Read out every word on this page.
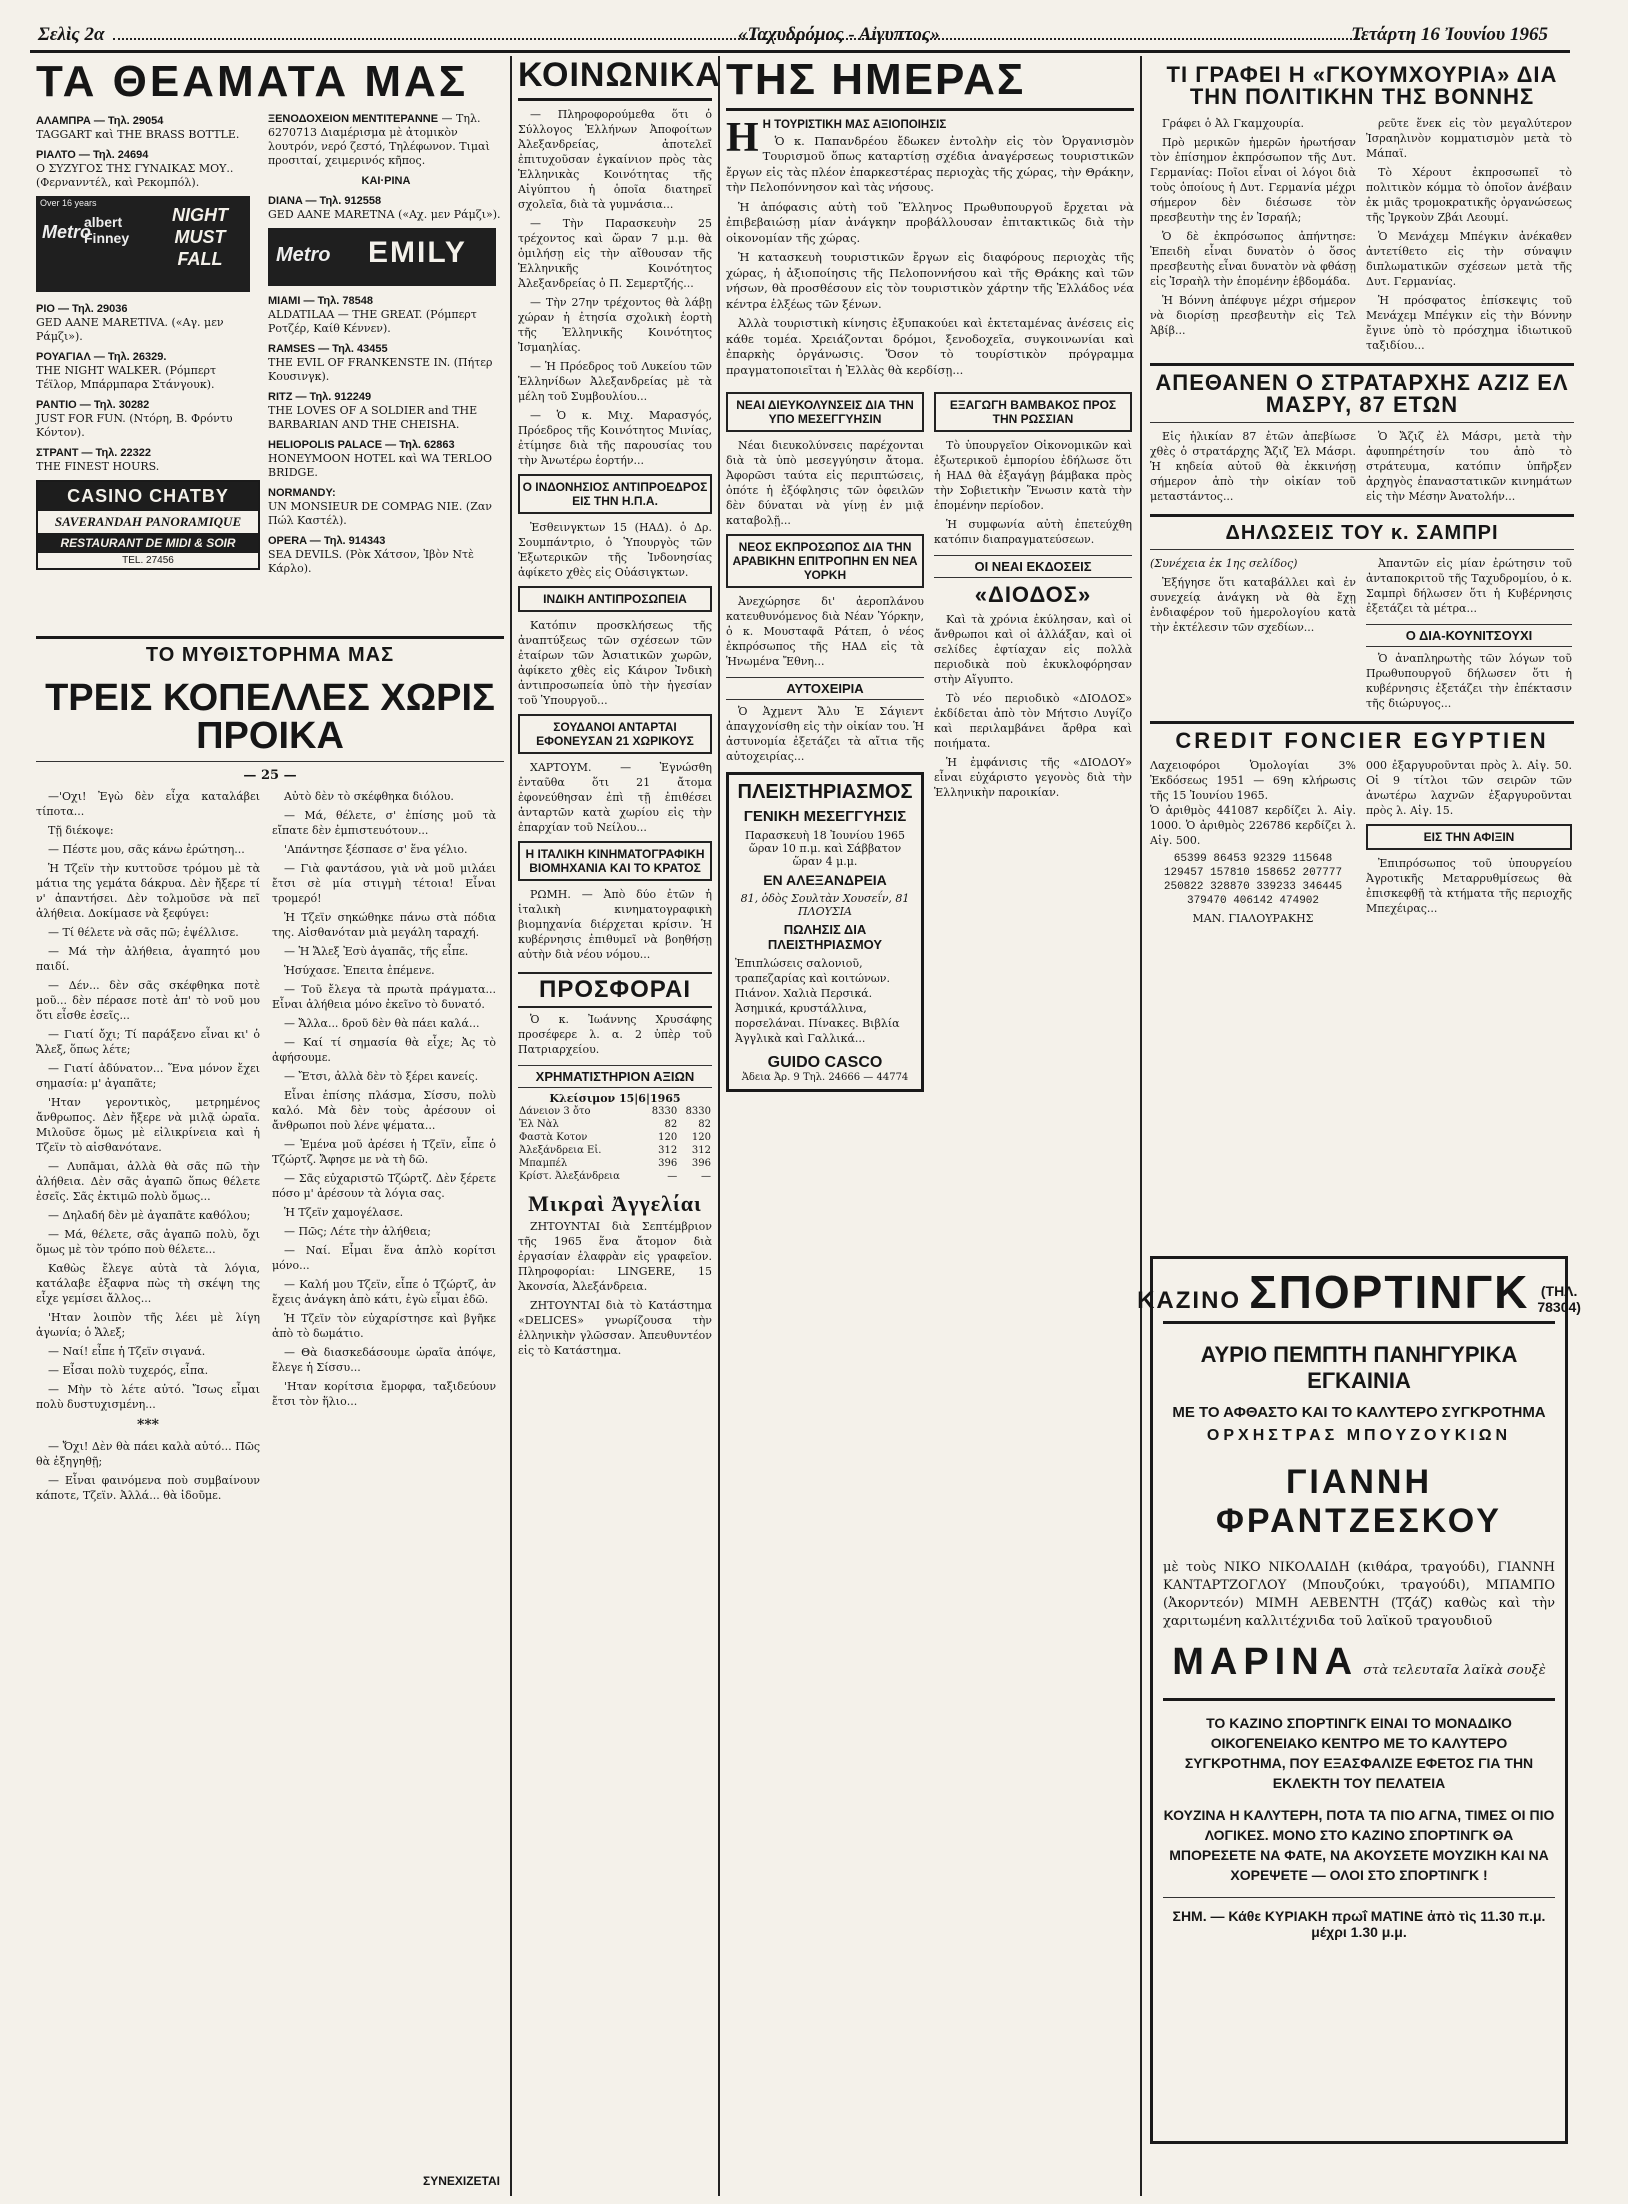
Σελὶς 2α	«Ταχυδρόμος - Αἰγυπτος»	Τετάρτη 16 Ἰουνίου 1965
ΤΑ ΘΕΑΜΑΤΑ ΜΑΣ
ΑΛΑΜΠΡΑ — Τηλ. 29054
TAGGART καὶ THE BRASS BOTTLE.
ΡΙΑΛΤΟ — Τηλ. 24694
Ο ΣΥΖΥΓΟΣ ΤΗΣ ΓΥΝΑΙΚΑΣ ΜΟΥ.. (Φερνανντέλ, καὶ Ρεκομπόλ).
Over 16 years
Metro
albert Finney
NIGHT MUST FALL
ΡΙΟ — Τηλ. 29036
GED AANE MARETIVA. («Αγ. μεν Ράμζι»).
ΡΟΥΑΓΙΑΛ — Τηλ. 26329.
THE NIGHT WALKER. (Ρόμπερτ Τέϊλορ, Μπάρμπαρα Στάνγουκ).
ΡΑΝΤΙΟ — Τηλ. 30282
JUST FOR FUN. (Ντόρη, Β. Φρόντυ Κόντον).
ΣΤΡΑΝΤ — Τηλ. 22322
THE FINEST HOURS.
CASINO CHATBY
SAVERANDAH PANORAMIQUE
RESTAURANT DE MIDI & SOIR
TEL. 27456
ΞΕΝΟΔΟΧΕΙΟΝ ΜΕΝΤΙΤΕΡΑΝΝΕ — Τηλ. 6270713 Διαμέρισμα μὲ ἀτομικὸν λουτρόν, νερό ζεστό, Τηλέφωνον. Τιμαὶ προσιταί, χειμερινός κῆπος.
ΚΑΙ·ΡΙΝΑ
DIANA — Τηλ. 912558
GED AANE MARETNA («Αχ. μεν Ράμζι»).
Metro EMILY
ΜΙΑΜΙ — Τηλ. 78548
ALDATILAA — THE GREAT. (Ρόμπερτ Ροτζέρ, Καίθ Κέννεν).
RAMSES — Τηλ. 43455
THE EVIL OF FRANKENSTE IN. (Πήτερ Κουσινγκ).
RITZ — Τηλ. 912249
THE LOVES OF A SOLDIER and THE BARBARIAN AND THE CHEISHA.
HELIOPOLIS PALACE — Τηλ. 62863
HONEYMOON HOTEL καὶ WA TERLOO BRIDGE.
NORMANDY:
UN MONSIEUR DE COMPAG NIE. (Ζαν Πώλ Καστέλ).
OPERA — Τηλ. 914343
SEA DEVILS. (Ρὸκ Χάτσον, Ἰβὸν Ντὲ Κάρλο).
ΤΟ ΜΥΘΙΣΤΟΡΗΜΑ ΜΑΣ
ΤΡΕΙΣ ΚΟΠΕΛΛΕΣ ΧΩΡΙΣ ΠΡΟΙΚΑ
— 25 —

—'Οχι! Ἐγὼ δὲν εἶχα καταλάβει τίποτα...

Τῇ διέκοψε:

— Πέστε μου, σᾶς κάνω ἐρώτηση...

Ἡ Τζεϊν τὴν κυττοῦσε τρόμου μὲ τὰ μάτια της γεμάτα δάκρυα. Δὲν ἤξερε τί ν' ἀπαντήσει. Δὲν τολμοῦσε νὰ πεῖ ἀλήθεια. Δοκίμασε νὰ ξεφύγει:

— Τί θέλετε νὰ σᾶς πῶ; ἐψέλλισε.

— Μά τὴν ἀλήθεια, ἀγαπητό μου παιδί.

— Δέν... δὲν σᾶς σκέφθηκα ποτὲ μοῦ... δὲν πέρασε ποτὲ ἀπ' τὸ νοῦ μου ὅτι εἶσθε ἐσεῖς...

— Γιατί ὄχι; Τί παράξενο εἶναι κι' ὁ Ἄλεξ, ὅπως λέτε;

— Γιατί ἀδύνατον... Ἕνα μόνον ἔχει σημασία: μ' ἀγαπᾶτε;

'Ηταν γεροντικὸς, μετρημένος ἄνθρωπος. Δὲν ἤξερε νὰ μιλᾷ ὡραῖα. Μιλοῦσε ὅμως μὲ εἰλικρίνεια καὶ ἡ Τζεϊν τὸ αἰσθανότανε.

— Λυπᾶμαι, ἀλλὰ θὰ σᾶς πῶ τὴν ἀλήθεια. Δὲν σᾶς ἀγαπῶ ὅπως θέλετε ἐσεῖς. Σᾶς ἐκτιμῶ πολὺ ὅμως...

— Δηλαδή δὲν μὲ ἀγαπᾶτε καθόλου;

— Μά, θέλετε, σᾶς ἀγαπῶ πολὺ, ὄχι ὅμως μὲ τὸν τρόπο ποὺ θέλετε...

Καθὼς ἔλεγε αὐτὰ τὰ λόγια, κατάλαβε ἐξαφνα πὼς τὴ σκέψη της εἶχε γεμίσει ἄλλος...

'Ηταν λοιπὸν τῆς λέει μὲ λίγη ἀγωνία; ὁ Ἄλεξ;

— Ναί! εἶπε ἡ Τζεϊν σιγανά.

— Εἶσαι πολὺ τυχερός, εἶπα.

— Μὴν τὸ λέτε αὐτό. Ἴσως εἶμαι πολὺ δυστυχισμένη...

***

— Ὄχι! Δὲν θὰ πάει καλὰ αὐτό... Πῶς θὰ ἐξηγηθῇ;

— Εἶναι φαινόμενα ποὺ συμβαίνουν κάποτε, Τζεϊν. Ἀλλά... θὰ ἰδοῦμε.

Αὐτὸ δὲν τὸ σκέφθηκα διόλου.

— Μά, θέλετε, σ' ἐπίσης μοῦ τὰ εἴπατε δὲν ἐμπιστευότουν...

'Απάντησε ξέσπασε σ' ἕνα γέλιο.

— Γιὰ φαντάσου, γιὰ νὰ μοῦ μιλάει ἔτσι σὲ μία στιγμὴ τέτοια! Εἶναι τρομερό!

Ἡ Τζεϊν σηκώθηκε πάνω στὰ πόδια της. Αἰσθανόταν μιὰ μεγάλη ταραχή.

— Ἡ Ἄλεξ Ἐσὺ ἀγαπᾶς, τῆς εἶπε.

Ἡσύχασε. Ἐπειτα ἐπέμενε.

— Τοῦ ἔλεγα τὰ πρωτὰ πράγματα... Εἶναι ἀλήθεια μόνο ἐκεῖνο τὸ δυνατό.

— Ἄλλα... δροῦ δὲν θὰ πάει καλά...

— Καί τί σημασία θὰ εἶχε; Ἀς τὸ ἀφήσουμε.

— Ἔτσι, ἀλλὰ δὲν τὸ ξέρει κανείς.

Εἶναι ἐπίσης πλάσμα, Σίσσυ, πολὺ καλό. Μὰ δὲν τοὺς ἀρέσουν οἱ ἄνθρωποι ποὺ λένε ψέματα...

— Ἐμένα μοῦ ἀρέσει ἡ Τζεϊν, εἶπε ὁ Τζώρτζ. Ἄφησε με νὰ τὴ δῶ.

— Σᾶς εὐχαριστῶ Τζώρτζ. Δὲν ξέρετε πόσο μ' ἀρέσουν τὰ λόγια σας.

Ἡ Τζεϊν χαμογέλασε.

— Πῶς; Λέτε τὴν ἀλήθεια;

— Ναί. Εἶμαι ἕνα ἁπλὸ κορίτσι μόνο...

— Καλή μου Τζεϊν, εἶπε ὁ Τζώρτζ, ἀν ἔχεις ἀνάγκη ἀπὸ κάτι, ἐγὼ εἶμαι ἐδῶ.

Ἡ Τζεϊν τὸν εὐχαρίστησε καὶ βγῆκε ἀπὸ τὸ δωμάτιο.

— Θὰ διασκεδάσουμε ὡραῖα ἀπόψε, ἔλεγε ἡ Σίσσυ...

'Ηταν κορίτσια ἔμορφα, ταξιδεύουν ἔτσι τὸν ἥλιο...

ΣΥΝΕΧΙΖΕΤΑΙ
ΚΟΙΝΩΝΙΚΑ

— Πληροφορούμεθα ὅτι ὁ Σύλλογος Ἑλλήνων Ἀποφοίτων Ἀλεξανδρείας, ἀποτελεῖ ἐπιτυχοῦσαν ἐγκαίνιον πρὸς τὰς Ἑλληνικὰς Κοινότητας τῆς Αἰγύπτου ἡ ὁποῖα διατηρεῖ σχολεῖα, διὰ τὰ γυμνάσια...

— Τὴν Παρασκευὴν 25 τρέχοντος καὶ ὥραν 7 μ.μ. θὰ ὁμιλήσῃ εἰς τὴν αἴθουσαν τῆς Ἑλληνικῆς Κοινότητος Ἀλεξανδρείας ὁ Π. Σεμερτζής...

— Τὴν 27ην τρέχοντος θὰ λάβῃ χώραν ἡ ἐτησία σχολικὴ ἑορτὴ τῆς Ἑλληνικῆς Κοινότητος Ἰσμαηλίας.

— Ἡ Πρόεδρος τοῦ Λυκείου τῶν Ἑλληνίδων Ἀλεξανδρείας μὲ τὰ μέλη τοῦ Συμβουλίου...

— Ὁ κ. Μιχ. Μαρασγός, Πρόεδρος τῆς Κοινότητος Μινίας, ἐτίμησε διὰ τῆς παρουσίας του τὴν Ἀνωτέρω ἑορτήν...

Ο ΙΝΔΟΝΗΣΙΟΣ ΑΝΤΙΠΡΟΕΔΡΟΣ ΕΙΣ ΤΗΝ Η.Π.Α.

Ἐσθεινγκτων 15 (ΗΑΔ). ὁ Δρ. Σουμπάντριο, ὁ Ὑπουργὸς τῶν Ἐξωτερικῶν τῆς Ἰνδονησίας ἀφίκετο χθὲς εἰς Οὐάσιγκτων.

ΙΝΔΙΚΗ ΑΝΤΙΠΡΟΣΩΠΕΙΑ

Κατόπιν προσκλήσεως τῆς ἀναπτύξεως τῶν σχέσεων τῶν ἐταίρων τῶν Ἀσιατικῶν χωρῶν, ἀφίκετο χθὲς εἰς Κάιρον Ἰνδικὴ ἀντιπροσωπεία ὑπὸ τὴν ἡγεσίαν τοῦ Ὑπουργοῦ...

ΣΟΥΔΑΝΟΙ ΑΝΤΑΡΤΑΙ ΕΦΟΝΕΥΣΑΝ 21 ΧΩΡΙΚΟΥΣ

ΧΑΡΤΟΥΜ. — Ἐγνώσθη ἐνταῦθα ὅτι 21 ἄτομα ἐφονεύθησαν ἐπὶ τῇ ἐπιθέσει ἀνταρτῶν κατὰ χωρίου εἰς τὴν ἐπαρχίαν τοῦ Νείλου...

Η ΙΤΑΛΙΚΗ ΚΙΝΗΜΑΤΟΓΡΑΦΙΚΗ ΒΙΟΜΗΧΑΝΙΑ ΚΑΙ ΤΟ ΚΡΑΤΟΣ

ΡΩΜΗ. — Ἀπὸ δύο ἐτῶν ἡ ἰταλικὴ κινηματογραφικὴ βιομηχανία διέρχεται κρίσιν. Ἡ κυβέρνησις ἐπιθυμεῖ νὰ βοηθήσῃ αὐτὴν διὰ νέου νόμου...

ΠΡΟΣΦΟΡΑΙ

Ὁ κ. Ἰωάννης Χρυσάφης προσέφερε λ. α. 2 ὑπὲρ τοῦ Πατριαρχείου.

ΧΡΗΜΑΤΙΣΤΗΡΙΟΝ ΑΞΙΩΝ
Κλείσιμον 15|6|1965
Δάνειον 3 ὄτο	8330	8330
Ἐλ Νὰλ	82	82
Φαστὰ Κοτον	120	120
Ἀλεξάνδρεια Εἰ.	312	312
Μπαμπέλ	396	396
Κρίστ. Ἀλεξάνδρεια	—	—
Μικραὶ Ἀγγελίαι

ΖΗΤΟΥΝΤΑΙ διὰ Σεπτέμβριον τῆς 1965 ἕνα ἄτομον διὰ ἐργασίαν ἐλαφρὰν εἰς γραφεῖον. Πληροφορίαι: LINGERE, 15 Ἀκονσία, Ἀλεξάνδρεια.

ΖΗΤΟΥΝΤΑΙ διὰ τὸ Κατάστημα «DELICES» γνωρίζουσα τὴν ἑλληνικὴν γλῶσσαν. Ἀπευθυντέον εἰς τὸ Κατάστημα.

ΤΗΣ ΗΜΕΡΑΣ
Η Η ΤΟΥΡΙΣΤΙΚΗ ΜΑΣ ΑΞΙΟΠΟΙΗΣΙΣ

Ὁ κ. Παπανδρέου ἔδωκεν ἐντολὴν εἰς τὸν Ὀργανισμὸν Τουρισμοῦ ὅπως καταρτίσῃ σχέδια ἀναγέρσεως τουριστικῶν ἔργων εἰς τὰς πλέον ἐπαρκεστέρας περιοχὰς τῆς χώρας, τὴν Θράκην, τὴν Πελοπόννησον καὶ τὰς νήσους.

Ἡ ἀπόφασις αὐτὴ τοῦ Ἕλληνος Πρωθυπουργοῦ ἔρχεται νὰ ἐπιβεβαιώσῃ μίαν ἀνάγκην προβάλλουσαν ἐπιτακτικῶς διὰ τὴν οἰκονομίαν τῆς χώρας.

Ἡ κατασκευὴ τουριστικῶν ἔργων εἰς διαφόρους περιοχὰς τῆς χώρας, ἡ ἀξιοποίησις τῆς Πελοποννήσου καὶ τῆς Θράκης καὶ τῶν νήσων, θὰ προσθέσουν εἰς τὸν τουριστικὸν χάρτην τῆς Ἑλλάδος νέα κέντρα ἑλξέως τῶν ξένων.

Ἀλλὰ τουριστικὴ κίνησις ἐξυπακούει καὶ ἐκτεταμένας ἀνέσεις εἰς κάθε τομέα. Χρειάζονται δρόμοι, ξενοδοχεῖα, συγκοινωνίαι καὶ ἐπαρκὴς ὀργάνωσις. Ὅσον τὸ τουρίστικὸν πρόγραμμα πραγματοποιεῖται ἡ Ἑλλὰς θὰ κερδίσῃ...

ΝΕΑΙ ΔΙΕΥΚΟΛΥΝΣΕΙΣ ΔΙΑ ΤΗΝ ΥΠΟ ΜΕΣΕΓΓΥΗΣΙΝ

Νέαι διευκολύνσεις παρέχονται διὰ τὰ ὑπὸ μεσεγγύησιν ἄτομα. Ἀφορῶσι ταύτα εἰς περιπτώσεις, ὁπότε ἡ ἐξόφλησις τῶν ὀφειλῶν δὲν δύναται νὰ γίνῃ ἐν μιᾷ καταβολῇ...

ΝΕΟΣ ΕΚΠΡΟΣΩΠΟΣ ΔΙΑ ΤΗΝ ΑΡΑΒΙΚΗΝ ΕΠΙΤΡΟΠΗΝ ΕΝ ΝΕΑ ΥΟΡΚΗ

Ἀνεχώρησε δι' ἀεροπλάνου κατευθυνόμενος διὰ Νέαν Ὑόρκην, ὁ κ. Μουσταφᾶ Ράτεπ, ὁ νέος ἐκπρόσωπος τῆς ΗΑΔ εἰς τὰ Ἡνωμένα Ἔθνη...

ΑΥΤΟΧΕΙΡΙΑ

Ὁ Ἀχμεντ Ἄλυ Ἐ Σάγιεντ ἀπαγχονίσθη εἰς τὴν οἰκίαν του. Ἡ ἀστυνομία ἐξετάζει τὰ αἴτια τῆς αὐτοχειρίας...

ΠΛΕΙΣΤΗΡΙΑΣΜΟΣ
ΓΕΝΙΚΗ ΜΕΣΕΓΓΥΗΣΙΣ
Παρασκευὴ 18 Ἰουνίου 1965 ὥραν 10 π.μ. καὶ Σάββατον ὥραν 4 μ.μ.
ΕΝ ΑΛΕΞΑΝΔΡΕΙΑ
81, ὁδὸς Σουλτὰν Χουσεΐν, 81 ΠΛΟΥΣΙΑ
ΠΩΛΗΣΙΣ ΔΙΑ ΠΛΕΙΣΤΗΡΙΑΣΜΟΥ
Ἐπιπλώσεις σαλονιοῦ, τραπεζαρίας καὶ κοιτώνων. Πιάνον. Χαλιὰ Περσικά. Ἀσημικά, κρυστάλλινα, πορσελάναι. Πίνακες. Βιβλία Ἀγγλικὰ καὶ Γαλλικά...
GUIDO CASCO
Ἀδεια Ἀρ. 9 Τηλ. 24666 — 44774
ΕΞΑΓΩΓΗ ΒΑΜΒΑΚΟΣ ΠΡΟΣ ΤΗΝ ΡΩΣΣΙΑΝ

Τὸ ὑπουργεῖον Οἰκονομικῶν καὶ ἐξωτερικοῦ ἐμπορίου ἐδήλωσε ὅτι ἡ ΗΑΔ θὰ ἐξαγάγῃ βάμβακα πρὸς τὴν Σοβιετικὴν Ἕνωσιν κατὰ τὴν ἑπομένην περίοδον.

Ἡ συμφωνία αὐτὴ ἐπετεύχθη κατόπιν διαπραγματεύσεων.

ΟΙ ΝΕΑΙ ΕΚΔΟΣΕΙΣ
«ΔΙΟΔΟΣ»

Καὶ τὰ χρόνια ἐκύλησαν, καὶ οἱ ἄνθρωποι καὶ οἱ ἀλλάξαν, καὶ οἱ σελίδες ἐφτίαχαν εἰς πολλὰ περιοδικὰ ποὺ ἐκυκλοφόρησαν στὴν Αἴγυπτο.

Τὸ νέο περιοδικὸ «ΔΙΟΔΟΣ» ἐκδίδεται ἀπὸ τὸν Μήτσιο Λυγίζο καὶ περιλαμβάνει ἄρθρα καὶ ποιήματα.

Ἡ ἐμφάνισις τῆς «ΔΙΟΔΟΥ» εἶναι εὐχάριστο γεγονὸς διὰ τὴν Ἑλληνικὴν παροικίαν.

ΤΙ ΓΡΑΦΕΙ Η «ΓΚΟΥΜΧΟΥΡΙΑ» ΔΙΑ ΤΗΝ ΠΟΛΙΤΙΚΗΝ ΤΗΣ ΒΟΝΝΗΣ

Γράφει ὁ Ἀλ Γκαμχουρία.

Πρὸ μερικῶν ἡμερῶν ἠρωτήσαν τὸν ἐπίσημον ἐκπρόσωπον τῆς Δυτ. Γερμανίας: Ποῖοι εἶναι οἱ λόγοι διὰ τοὺς ὁποίους ἡ Δυτ. Γερμανία μέχρι σήμερον δὲν διέσωσε τὸν πρεσβευτὴν της ἐν Ἰσραήλ;

Ὁ δὲ ἐκπρόσωπος ἀπήντησε: Ἐπειδὴ εἶναι δυνατὸν ὁ ὅσος πρεσβευτὴς εἶναι δυνατὸν νὰ φθάσῃ εἰς Ἰσραὴλ τὴν ἑπομένην ἑβδομάδα.

Ἡ Βόννη ἀπέφυγε μέχρι σήμερον νὰ διορίσῃ πρεσβευτὴν εἰς Τελ Ἀβίβ...

ρεῦτε ἕνεκ εἰς τὸν μεγαλύτερον Ἰσραηλινὸν κομματισμὸν μετὰ τὸ Μάπαϊ.

Τὸ Χέρουτ ἐκπροσωπεῖ τὸ πολιτικὸν κόμμα τὸ ὁποῖον ἀνέβαιν ἐκ μιᾶς τρομοκρατικῆς ὀργανώσεως τῆς Ἰργκοὺν Ζβάι Λεουμί.

Ὁ Μενάχεμ Μπέγκιν ἀνέκαθεν ἀντετίθετο εἰς τὴν σύναψιν διπλωματικῶν σχέσεων μετὰ τῆς Δυτ. Γερμανίας.

Ἡ πρόσφατος ἐπίσκεψις τοῦ Μενάχεμ Μπέγκιν εἰς τὴν Βόννην ἔγινε ὑπὸ τὸ πρόσχημα ἰδιωτικοῦ ταξιδίου...

ΑΠΕΘΑΝΕΝ Ο ΣΤΡΑΤΑΡΧΗΣ ΑΖΙΖ ΕΛ ΜΑΣΡΥ, 87 ΕΤΩΝ

Εἰς ἡλικίαν 87 ἐτῶν ἀπεβίωσε χθὲς ὁ στρατάρχης Ἄζιζ Ἐλ Μάσρι. Ἡ κηδεία αὐτοῦ θὰ ἐκκινήσῃ σήμερον ἀπὸ τὴν οἰκίαν τοῦ μεταστάντος...

Ὁ Ἄζιζ ἐλ Μάσρι, μετὰ τὴν ἀφυπηρέτησίν του ἀπὸ τὸ στράτευμα, κατόπιν ὑπῆρξεν ἀρχηγὸς ἐπαναστατικῶν κινημάτων εἰς τὴν Μέσην Ἀνατολήν...

ΔΗΛΩΣΕΙΣ ΤΟΥ κ. ΣΑΜΠΡΙ

(Συνέχεια ἐκ 1ης σελίδος)

Ἐξήγησε ὅτι καταβάλλει καὶ ἐν συνεχείᾳ ἀνάγκη νὰ θὰ ἔχῃ ἐνδιαφέρον τοῦ ἡμερολογίου κατὰ τὴν ἐκτέλεσιν τῶν σχεδίων...

Ἀπαντῶν εἰς μίαν ἐρώτησιν τοῦ ἀνταποκριτοῦ τῆς Ταχυδρομίου, ὁ κ. Σαμπρὶ δήλωσεν ὅτι ἡ Κυβέρνησις ἐξετάζει τὰ μέτρα...

Ο ΔΙΑ-ΚΟΥΝΙΤΣΟΥΧΙ

Ὁ ἀναπληρωτὴς τῶν λόγων τοῦ Πρωθυπουργοῦ δήλωσεν ὅτι ἡ κυβέρνησις ἐξετάζει τὴν ἐπέκτασιν τῆς διώρυγος...

CREDIT FONCIER EGYPTIEN
Λαχειοφόροι Ὁμολογίαι 3% Ἐκδόσεως 1951 — 69η κλήρωσις τῆς 15 Ἰουνίου 1965.
Ὁ ἀριθμὸς 441087 κερδίζει λ. Αἰγ. 1000. Ὁ ἀριθμὸς 226786 κερδίζει λ. Αἰγ. 500.
65399 86453 92329 115648
129457 157810 158652 207777
250822 328870 339233 346445
379470 406142 474902
ΜΑΝ. ΓΙΑΛΟΥΡΑΚΗΣ
000 ἐξαργυροῦνται πρὸς λ. Αἰγ. 50. Οἱ 9 τίτλοι τῶν σειρῶν τῶν ἀνωτέρω λαχνῶν ἐξαργυροῦνται πρὸς λ. Αἰγ. 15.
ΕΙΣ ΤΗΝ ΑΦΙΞΙΝ

Ἐπιπρόσωπος τοῦ ὑπουργείου Ἀγροτικῆς Μεταρρυθμίσεως θὰ ἐπισκεφθῇ τὰ κτήματα τῆς περιοχῆς Μπεχέιρας...

ΚΑΖΙΝΟ ΣΠΟΡΤΙΝΓΚ (ΤΗΛ. 78304)
ΑΥΡΙΟ ΠΕΜΠΤΗ ΠΑΝΗΓΥΡΙΚΑ ΕΓΚΑΙΝΙΑ
ΜΕ ΤΟ ΑΦΘΑΣΤΟ ΚΑΙ ΤΟ ΚΑΛΥΤΕΡΟ ΣΥΓΚΡΟΤΗΜΑ
ΟΡΧΗΣΤΡΑΣ ΜΠΟΥΖΟΥΚΙΩΝ
ΓΙΑΝΝΗ ΦΡΑΝΤΖΕΣΚΟΥ
μὲ τοὺς ΝΙΚΟ ΝΙΚΟΛΑΙΔΗ (κιθάρα, τραγούδι), ΓΙΑΝΝΗ ΚΑΝΤΑΡΤΖΟΓΛΟΥ (Μπουζούκι, τραγούδι), ΜΠΑΜΠΟ (Ἀκορντεόν) ΜΙΜΗ ΑΕΒΕΝΤΗ (Τζάζ) καθὼς καὶ τὴν χαριτωμένη καλλιτέχνιδα τοῦ λαϊκοῦ τραγουδιοῦ
ΜΑΡΙΝΑ στὰ τελευταῖα λαϊκὰ σουξὲ
ΤΟ ΚΑΖΙΝΟ ΣΠΟΡΤΙΝΓΚ ΕΙΝΑΙ ΤΟ ΜΟΝΑΔΙΚΟ ΟΙΚΟΓΕΝΕΙΑΚΟ ΚΕΝΤΡΟ ΜΕ ΤΟ ΚΑΛΥΤΕΡΟ ΣΥΓΚΡΟΤΗΜΑ, ΠΟΥ ΕΞΑΣΦΑΛΙΖΕ ΕΦΕΤΟΣ ΓΙΑ ΤΗΝ ΕΚΛΕΚΤΗ ΤΟΥ ΠΕΛΑΤΕΙΑ
ΚΟΥΖΙΝΑ Η ΚΑΛΥΤΕΡΗ, ΠΟΤΑ ΤΑ ΠΙΟ ΑΓΝΑ, ΤΙΜΕΣ ΟΙ ΠΙΟ ΛΟΓΙΚΕΣ. ΜΟΝΟ ΣΤΟ ΚΑΖΙΝΟ ΣΠΟΡΤΙΝΓΚ ΘΑ ΜΠΟΡΕΣΕΤΕ ΝΑ ΦΑΤΕ, ΝΑ ΑΚΟΥΣΕΤΕ ΜΟΥΖΙΚΗ ΚΑΙ ΝΑ ΧΟΡΕΨΕΤΕ — ΟΛΟΙ ΣΤΟ ΣΠΟΡΤΙΝΓΚ !
ΣΗΜ. — Κάθε ΚΥΡΙΑΚΗ πρωΐ ΜΑΤΙΝΕ ἀπὸ τὶς 11.30 π.μ. μέχρι 1.30 μ.μ.
